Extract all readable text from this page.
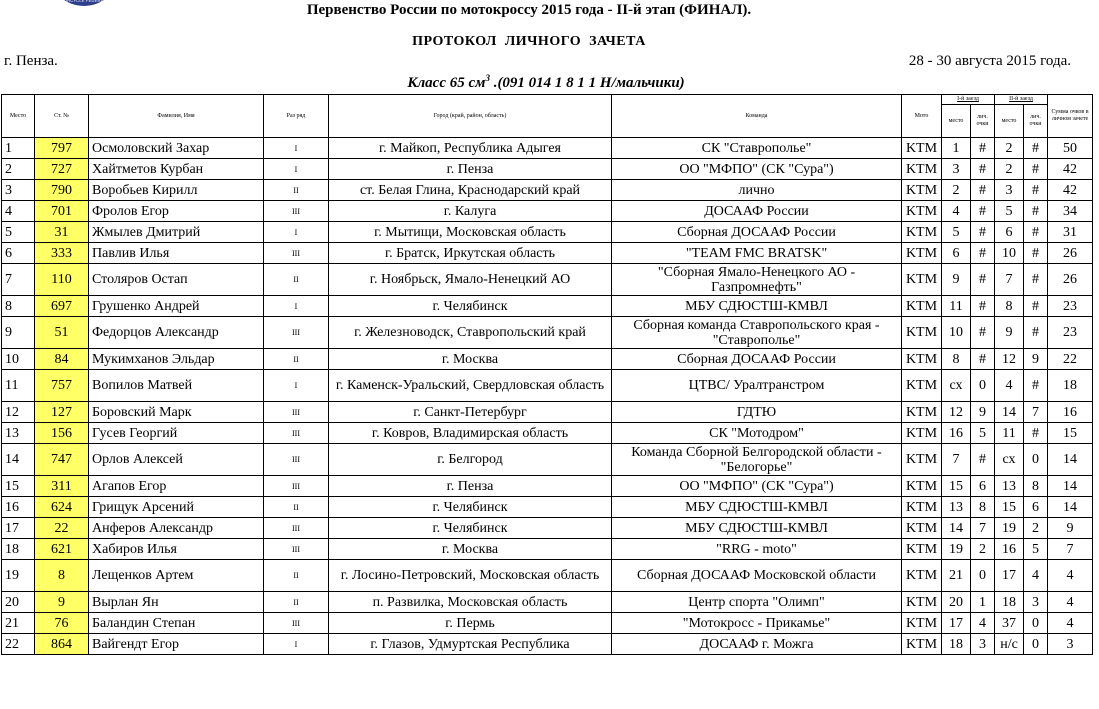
MOTORCYCLE FEDERATION
Первенство России по мотокроссу 2015 года - II-й этап (ФИНАЛ).
ПРОТОКОЛ ЛИЧНОГО ЗАЧЕТА
г. Пенза.	28 - 30 августа 2015 года.
Класс 65 $см^3$ .(091 014 1 8 1 1 Н/мальчики)
Место	Ст. №	Фамилия, Имя	Раз ряд	Город (край, район, область)	Команда	Мото	I-й заезд		II-й заезд		Сумма очков в личном зачете
							место	лич. очки	место	лич. очки	
1	797	Осмоловский Захар	I	г. Майкоп, Республика Адыгея	СК "Ставрополье"	KTM	1	#	2	#	50
2	727	Хайтметов Курбан	I	г. Пенза	ОО "МФПО" (СК "Сура")	KTM	3	#	2	#	42
3	790	Воробьев Кирилл	II	ст. Белая Глина, Краснодарский край	лично	KTM	2	#	3	#	42
4	701	Фролов Егор	III	г. Калуга	ДОСААФ России	KTM	4	#	5	#	34
5	31	Жмылев Дмитрий	I	г. Мытищи, Московская область	Сборная ДОСААФ России	KTM	5	#	6	#	31
6	333	Павлив Илья	III	г. Братск, Иркутская область	"TEAM FMC BRATSK"	KTM	6	#	10	#	26
7	110	Столяров Остап	II	г. Ноябрьск, Ямало-Ненецкий АО	"Сборная Ямало-Ненецкого АО - Газпромнефть"	KTM	9	#	7	#	26
8	697	Грушенко Андрей	I	г. Челябинск	МБУ СДЮСТШ-КМВЛ	KTM	11	#	8	#	23
9	51	Федорцов Александр	III	г. Железноводск, Ставропольский край	Сборная команда Ставропольского края - "Ставрополье"	KTM	10	#	9	#	23
10	84	Мукимханов Эльдар	II	г. Москва	Сборная ДОСААФ России	KTM	8	#	12	9	22
11	757	Вопилов Матвей	I	г. Каменск-Уральский, Свердловская область	ЦТВС/ Уралтранстром	KTM	сх	0	4	#	18
12	127	Боровский Марк	III	г. Санкт-Петербург	ГДТЮ	KTM	12	9	14	7	16
13	156	Гусев Георгий	III	г. Ковров, Владимирская область	СК "Мотодром"	KTM	16	5	11	#	15
14	747	Орлов Алексей	III	г. Белгород	Команда Сборной Белгородской области - "Белогорье"	KTM	7	#	сх	0	14
15	311	Агапов Егор	III	г. Пенза	ОО "МФПО" (СК "Сура")	KTM	15	6	13	8	14
16	624	Грищук Арсений	II	г. Челябинск	МБУ СДЮСТШ-КМВЛ	KTM	13	8	15	6	14
17	22	Анферов Александр	III	г. Челябинск	МБУ СДЮСТШ-КМВЛ	KTM	14	7	19	2	9
18	621	Хабиров Илья	III	г. Москва	"RRG - moto"	KTM	19	2	16	5	7
19	8	Лещенков Артем	II	г. Лосино-Петровский, Московская область	Сборная ДОСААФ Московской области	KTM	21	0	17	4	4
20	9	Вырлан Ян	II	п. Развилка, Московская область	Центр спорта "Олимп"	KTM	20	1	18	3	4
21	76	Баландин Степан	III	г. Пермь	"Мотокросс - Прикамье"	KTM	17	4	37	0	4
22	864	Вайгендт Егор	I	г. Глазов, Удмуртская Республика	ДОСААФ г. Можга	KTM	18	3	н/с	0	3
